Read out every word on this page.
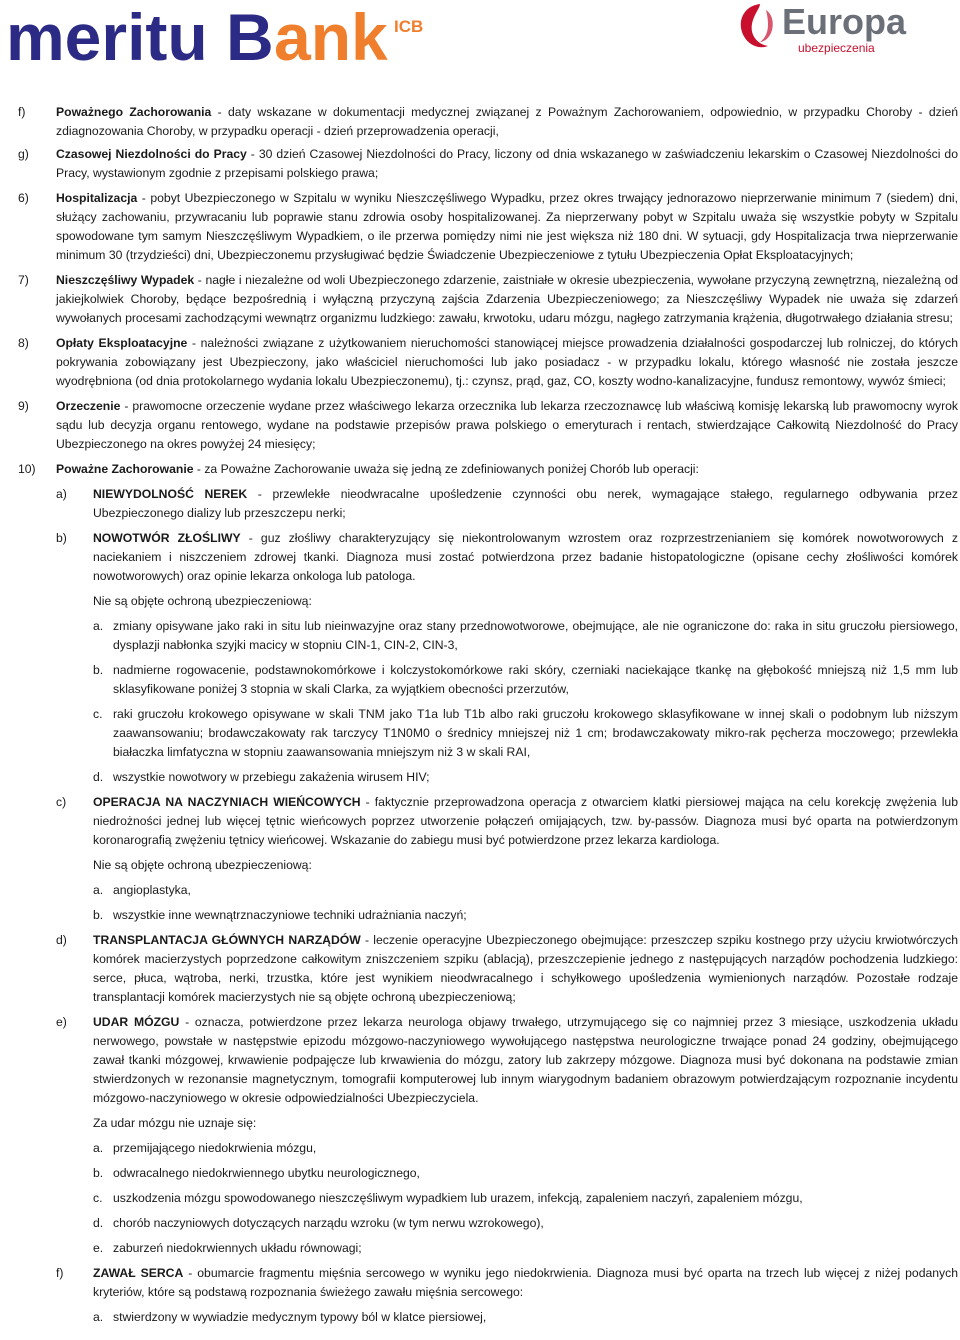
meritu B ank ICB	Europa
ubezpieczenia

f)	Poważnego Zachorowania - daty wskazane w dokumentacji medycznej związanej z Poważnym Zachorowaniem, odpowiednio, w przypadku Choroby - dzień zdiagnozowania Choroby, w przypadku operacji - dzień przeprowadzenia operacji,

g) Czasowej Niezdolności do Pracy - 30 dzień Czasowej Niezdolności do Pracy, liczony od dnia wskazanego w zaświadczeniu lekarskim o Czasowej Niezdolności do Pracy, wystawionym zgodnie z przepisami polskiego prawa;

6) Hospitalizacja - pobyt Ubezpieczonego w Szpitalu w wyniku Nieszczęśliwego Wypadku, przez okres trwający jednorazowo nieprzerwanie minimum 7 (siedem) dni, służący zachowaniu, przywracaniu lub poprawie stanu zdrowia osoby hospitalizowanej. Za nieprzerwany pobyt w Szpitalu uważa się wszystkie pobyty w Szpitalu spowodowane tym samym Nieszczęśliwym Wypadkiem, o ile przerwa pomiędzy nimi nie jest większa niż 180 dni. W sytuacji, gdy Hospitalizacja trwa nieprzerwanie minimum 30 (trzydzieści) dni, Ubezpieczonemu przysługiwać będzie Świadczenie Ubezpieczeniowe z tytułu Ubezpieczenia Opłat Eksploatacyjnych;

7) Nieszczęśliwy Wypadek - nagłe i niezależne od woli Ubezpieczonego zdarzenie, zaistniałe w okresie ubezpieczenia, wywołane przyczyną zewnętrzną, niezależną od jakiejkolwiek Choroby, będące bezpośrednią i wyłączną przyczyną zajścia Zdarzenia Ubezpieczeniowego; za Nieszczęśliwy Wypadek nie uważa się zdarzeń wywołanych procesami zachodzącymi wewnątrz organizmu ludzkiego: zawału, krwotoku, udaru mózgu, nagłego zatrzymania krążenia, długotrwałego działania stresu;

8) Opłaty Eksploatacyjne - należności związane z użytkowaniem nieruchomości stanowiącej miejsce prowadzenia działalności gospodarczej lub rolniczej, do których pokrywania zobowiązany jest Ubezpieczony, jako właściciel nieruchomości lub jako posiadacz - w przypadku lokalu, którego własność nie została jeszcze wyodrębniona (od dnia protokolarnego wydania lokalu Ubezpieczonemu), tj.: czynsz, prąd, gaz, CO, koszty wodno-kanalizacyjne, fundusz remontowy, wywóz śmieci;

9) Orzeczenie - prawomocne orzeczenie wydane przez właściwego lekarza orzecznika lub lekarza rzeczoznawcę lub właściwą komisję lekarską lub prawomocny wyrok sądu lub decyzja organu rentowego, wydane na podstawie przepisów prawa polskiego o emeryturach i rentach, stwierdzające Całkowitą Niezdolność do Pracy Ubezpieczonego na okres powyżej 24 miesięcy;

10) Poważne Zachorowanie - za Poważne Zachorowanie uważa się jedną ze zdefiniowanych poniżej Chorób lub operacji:

a) NIEWYDOLNOŚĆ NEREK - przewlekłe nieodwracalne upośledzenie czynności obu nerek, wymagające stałego, regularnego odbywania przez Ubezpieczonego dializy lub przeszczepu nerki;

b) NOWOTWÓR ZŁOŚLIWY - guz złośliwy charakteryzujący się niekontrolowanym wzrostem oraz rozprzestrzenianiem się komórek nowotworowych z naciekaniem i niszczeniem zdrowej tkanki. Diagnoza musi zostać potwierdzona przez badanie histopatologiczne (opisane cechy złośliwości komórek nowotworowych) oraz opinie lekarza onkologa lub patologa.

Nie są objęte ochroną ubezpieczeniową:

a. zmiany opisywane jako raki in situ lub nieinwazyjne oraz stany przednowotworowe, obejmujące, ale nie ograniczone do: raka in situ gruczołu piersiowego, dysplazji nabłonka szyjki macicy w stopniu CIN-1, CIN-2, CIN-3,

b. nadmierne rogowacenie, podstawnokomórkowe i kolczystokomórkowe raki skóry, czerniaki naciekające tkankę na głębokość mniejszą niż 1,5 mm lub sklasyfikowane poniżej 3 stopnia w skali Clarka, za wyjątkiem obecności przerzutów,

c. raki gruczołu krokowego opisywane w skali TNM jako T1a lub T1b albo raki gruczołu krokowego sklasyfikowane w innej skali o podobnym lub niższym zaawansowaniu; brodawczakowaty rak tarczycy T1N0M0 o średnicy mniejszej niż 1 cm; brodawczakowaty mikro-rak pęcherza moczowego; przewlekła białaczka limfatyczna w stopniu zaawansowania mniejszym niż 3 w skali RAI,

d. wszystkie nowotwory w przebiegu zakażenia wirusem HIV;

c) OPERACJA NA NACZYNIACH WIEŃCOWYCH - faktycznie przeprowadzona operacja z otwarciem klatki piersiowej mająca na celu korekcję zwężenia lub niedrożności jednej lub więcej tętnic wieńcowych poprzez utworzenie połączeń omijających, tzw. by-passów. Diagnoza musi być oparta na potwierdzonym koronarografią zwężeniu tętnicy wieńcowej. Wskazanie do zabiegu musi być potwierdzone przez lekarza kardiologa.

Nie są objęte ochroną ubezpieczeniową:

a. angioplastyka,

b. wszystkie inne wewnątrznaczyniowe techniki udrażniania naczyń;

d) TRANSPLANTACJA GŁÓWNYCH NARZĄDÓW - leczenie operacyjne Ubezpieczonego obejmujące: przeszczep szpiku kostnego przy użyciu krwiotwórczych komórek macierzystych poprzedzone całkowitym zniszczeniem szpiku (ablacją), przeszczepienie jednego z następujących narządów pochodzenia ludzkiego: serce, płuca, wątroba, nerki, trzustka, które jest wynikiem nieodwracalnego i schyłkowego upośledzenia wymienionych narządów. Pozostałe rodzaje transplantacji komórek macierzystych nie są objęte ochroną ubezpieczeniową;

e) UDAR MÓZGU - oznacza, potwierdzone przez lekarza neurologa objawy trwałego, utrzymującego się co najmniej przez 3 miesiące, uszkodzenia układu nerwowego, powstałe w następstwie epizodu mózgowo-naczyniowego wywołującego następstwa neurologiczne trwające ponad 24 godziny, obejmującego zawał tkanki mózgowej, krwawienie podpajęcze lub krwawienia do mózgu, zatory lub zakrzepy mózgowe. Diagnoza musi być dokonana na podstawie zmian stwierdzonych w rezonansie magnetycznym, tomografii komputerowej lub innym wiarygodnym badaniem obrazowym potwierdzającym rozpoznanie incydentu mózgowo-naczyniowego w okresie odpowiedzialności Ubezpieczyciela.

Za udar mózgu nie uznaje się:

a. przemijającego niedokrwienia mózgu,

b. odwracalnego niedokrwiennego ubytku neurologicznego,

c. uszkodzenia mózgu spowodowanego nieszczęśliwym wypadkiem lub urazem, infekcją, zapaleniem naczyń, zapaleniem mózgu,

d. chorób naczyniowych dotyczących narządu wzroku (w tym nerwu wzrokowego),

e. zaburzeń niedokrwiennych układu równowagi;

f) ZAWAŁ SERCA - obumarcie fragmentu mięśnia sercowego w wyniku jego niedokrwienia. Diagnoza musi być oparta na trzech lub więcej z niżej podanych kryteriów, które są podstawą rozpoznania świeżego zawału mięśnia sercowego:

a. stwierdzony w wywiadzie medycznym typowy ból w klatce piersiowej,
